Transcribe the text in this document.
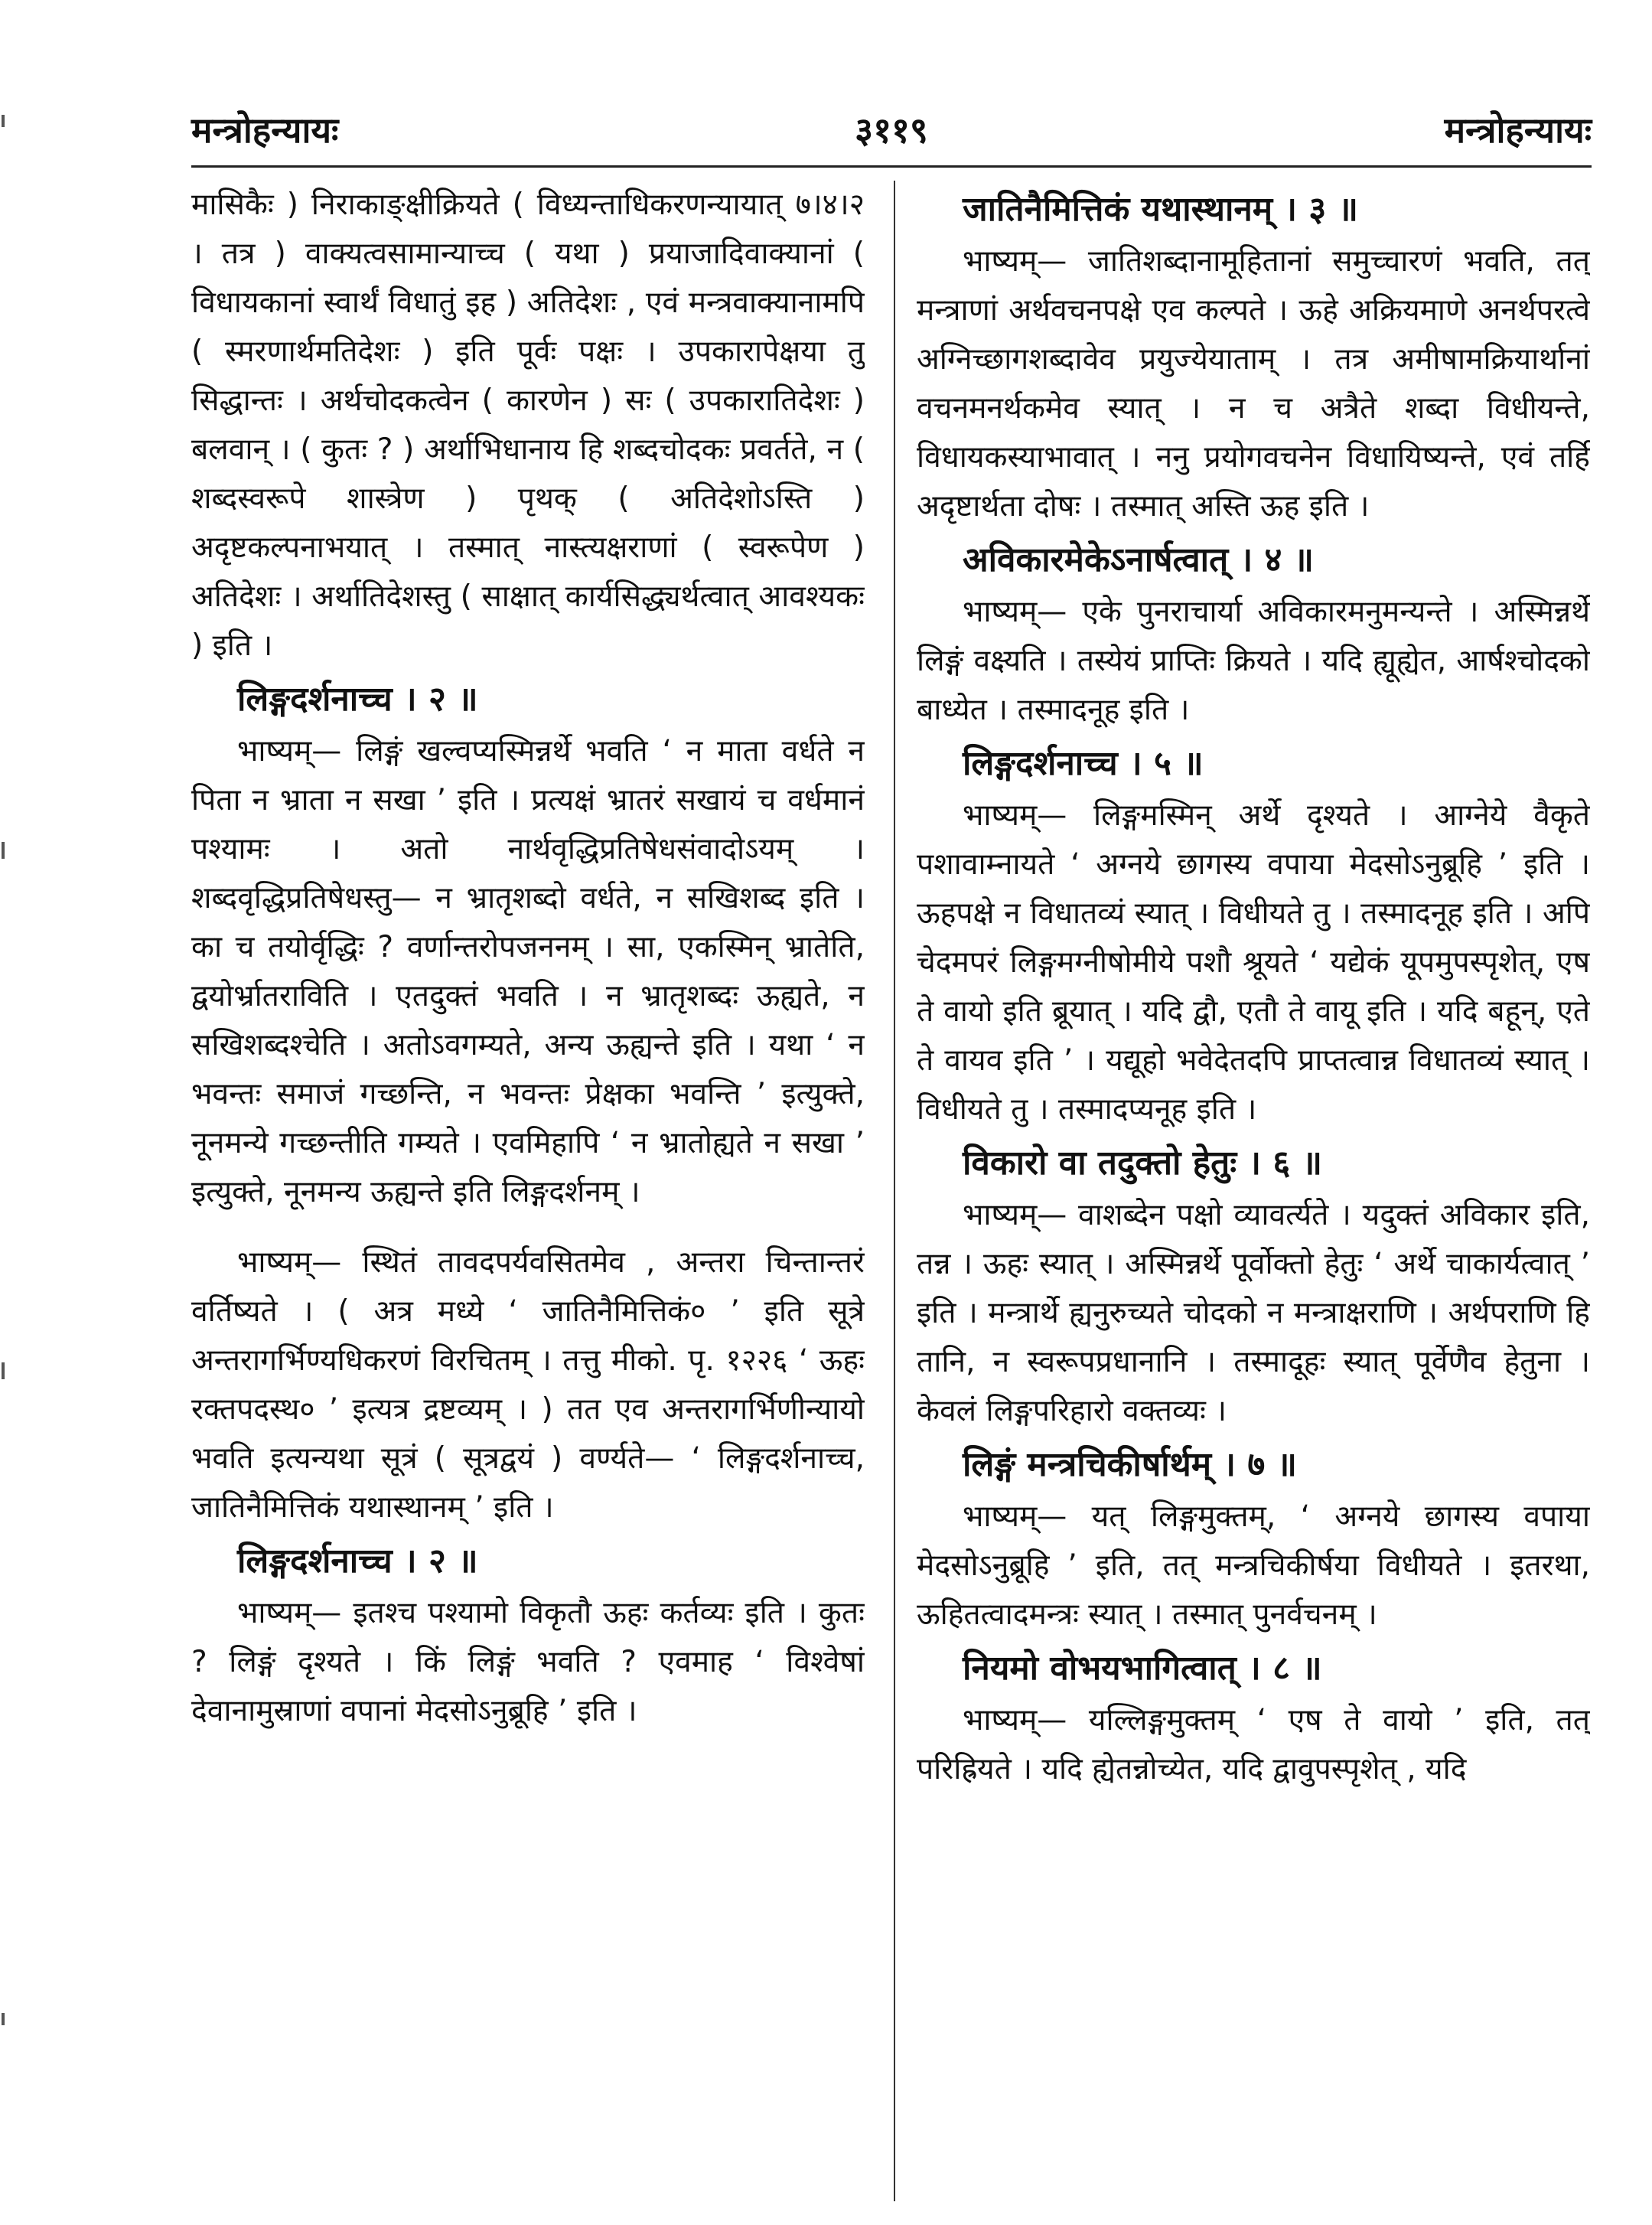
मन्त्रोहन्यायः	३११९	मन्त्रोहन्यायः

मासिकैः ) निराकाङ्क्षीक्रियते ( विध्यन्ताधिकरणन्यायात् ७।४।२ । तत्र ) वाक्यत्वसामान्याच्च ( यथा ) प्रयाजादिवाक्यानां ( विधायकानां स्वार्थं विधातुं इह ) अतिदेशः , एवं मन्त्रवाक्यानामपि ( स्मरणार्थमतिदेशः ) इति पूर्वः पक्षः । उपकारापेक्षया तु सिद्धान्तः । अर्थचोदकत्वेन ( कारणेन ) सः ( उपकारातिदेशः ) बलवान् । ( कुतः ? ) अर्थाभिधानाय हि शब्दचोदकः प्रवर्तते, न ( शब्दस्वरूपे शास्त्रेण ) पृथक् ( अतिदेशोऽस्ति ) अदृष्टकल्पनाभयात् । तस्मात् नास्त्यक्षराणां ( स्वरूपेण ) अतिदेशः । अर्थातिदेशस्तु ( साक्षात् कार्यसिद्ध्यर्थत्वात् आवश्यकः ) इति ।

लिङ्गदर्शनाच्च । २ ॥

भाष्यम्— लिङ्गं खल्वप्यस्मिन्नर्थे भवति ‘ न माता वर्धते न पिता न भ्राता न सखा ’ इति । प्रत्यक्षं भ्रातरं सखायं च वर्धमानं पश्यामः । अतो नार्थवृद्धिप्रतिषेधसंवादोऽयम् । शब्दवृद्धिप्रतिषेधस्तु— न भ्रातृशब्दो वर्धते, न सखिशब्द इति । का च तयोर्वृद्धिः ? वर्णान्तरोपजननम् । सा, एकस्मिन् भ्रातेति, द्वयोर्भ्रातराविति । एतदुक्तं भवति । न भ्रातृशब्दः ऊह्यते, न सखिशब्दश्चेति । अतोऽवगम्यते, अन्य ऊह्यन्ते इति । यथा ‘ न भवन्तः समाजं गच्छन्ति, न भवन्तः प्रेक्षका भवन्ति ’ इत्युक्ते, नूनमन्ये गच्छन्तीति गम्यते । एवमिहापि ‘ न भ्रातोह्यते न सखा ’ इत्युक्ते, नूनमन्य ऊह्यन्ते इति लिङ्गदर्शनम् ।

भाष्यम्— स्थितं तावदपर्यवसितमेव , अन्तरा चिन्तान्तरं वर्तिष्यते । ( अत्र मध्ये ‘ जातिनैमित्तिकं० ’ इति सूत्रे अन्तरागर्भिण्यधिकरणं विरचितम् । तत्तु मीको. पृ. १२२६ ‘ ऊहः रक्तपदस्थ० ’ इत्यत्र द्रष्टव्यम् । ) तत एव अन्तरागर्भिणीन्यायो भवति इत्यन्यथा सूत्रं ( सूत्रद्वयं ) वर्ण्यते— ‘ लिङ्गदर्शनाच्च, जातिनैमित्तिकं यथास्थानम् ’ इति ।

लिङ्गदर्शनाच्च । २ ॥

भाष्यम्— इतश्च पश्यामो विकृतौ ऊहः कर्तव्यः इति । कुतः ? लिङ्गं दृश्यते । किं लिङ्गं भवति ? एवमाह ‘ विश्वेषां देवानामुस्राणां वपानां मेदसोऽनुब्रूहि ’ इति ।

जातिनैमित्तिकं यथास्थानम् । ३ ॥

भाष्यम्— जातिशब्दानामूहितानां समुच्चारणं भवति, तत् मन्त्राणां अर्थवचनपक्षे एव कल्पते । ऊहे अक्रियमाणे अनर्थपरत्वे अग्निच्छागशब्दावेव प्रयुज्येयाताम् । तत्र अमीषामक्रियार्थानां वचनमनर्थकमेव स्यात् । न च अत्रैते शब्दा विधीयन्ते, विधायकस्याभावात् । ननु प्रयोगवचनेन विधायिष्यन्ते, एवं तर्हि अदृष्टार्थता दोषः । तस्मात् अस्ति ऊह इति ।

अविकारमेकेऽनार्षत्वात् । ४ ॥

भाष्यम्— एके पुनराचार्या अविकारमनुमन्यन्ते । अस्मिन्नर्थे लिङ्गं वक्ष्यति । तस्येयं प्राप्तिः क्रियते । यदि ह्यूह्येत, आर्षश्चोदको बाध्येत । तस्मादनूह इति ।

लिङ्गदर्शनाच्च । ५ ॥

भाष्यम्— लिङ्गमस्मिन् अर्थे दृश्यते । आग्नेये वैकृते पशावाम्नायते ‘ अग्नये छागस्य वपाया मेदसोऽनुब्रूहि ’ इति । ऊहपक्षे न विधातव्यं स्यात् । विधीयते तु । तस्मादनूह इति । अपि चेदमपरं लिङ्गमग्नीषोमीये पशौ श्रूयते ‘ यद्येकं यूपमुपस्पृशेत्, एष ते वायो इति ब्रूयात् । यदि द्वौ, एतौ ते वायू इति । यदि बहून्, एते ते वायव इति ’ । यद्यूहो भवेदेतदपि प्राप्तत्वान्न विधातव्यं स्यात् । विधीयते तु । तस्मादप्यनूह इति ।

विकारो वा तदुक्तो हेतुः । ६ ॥

भाष्यम्— वाशब्देन पक्षो व्यावर्त्यते । यदुक्तं अविकार इति, तन्न । ऊहः स्यात् । अस्मिन्नर्थे पूर्वोक्तो हेतुः ‘ अर्थे चाकार्यत्वात् ’ इति । मन्त्रार्थे ह्यनुरुच्यते चोदको न मन्त्राक्षराणि । अर्थपराणि हि तानि, न स्वरूपप्रधानानि । तस्मादूहः स्यात् पूर्वेणैव हेतुना । केवलं लिङ्गपरिहारो वक्तव्यः ।

लिङ्गं मन्त्रचिकीर्षार्थम् । ७ ॥

भाष्यम्— यत् लिङ्गमुक्तम्, ‘ अग्नये छागस्य वपाया मेदसोऽनुब्रूहि ’ इति, तत् मन्त्रचिकीर्षया विधीयते । इतरथा, ऊहितत्वादमन्त्रः स्यात् । तस्मात् पुनर्वचनम् ।

नियमो वोभयभागित्वात् । ८ ॥

भाष्यम्— यल्लिङ्गमुक्तम् ‘ एष ते वायो ’ इति, तत् परिह्रियते । यदि ह्येतन्नोच्येत, यदि द्वावुपस्पृशेत् , यदि
